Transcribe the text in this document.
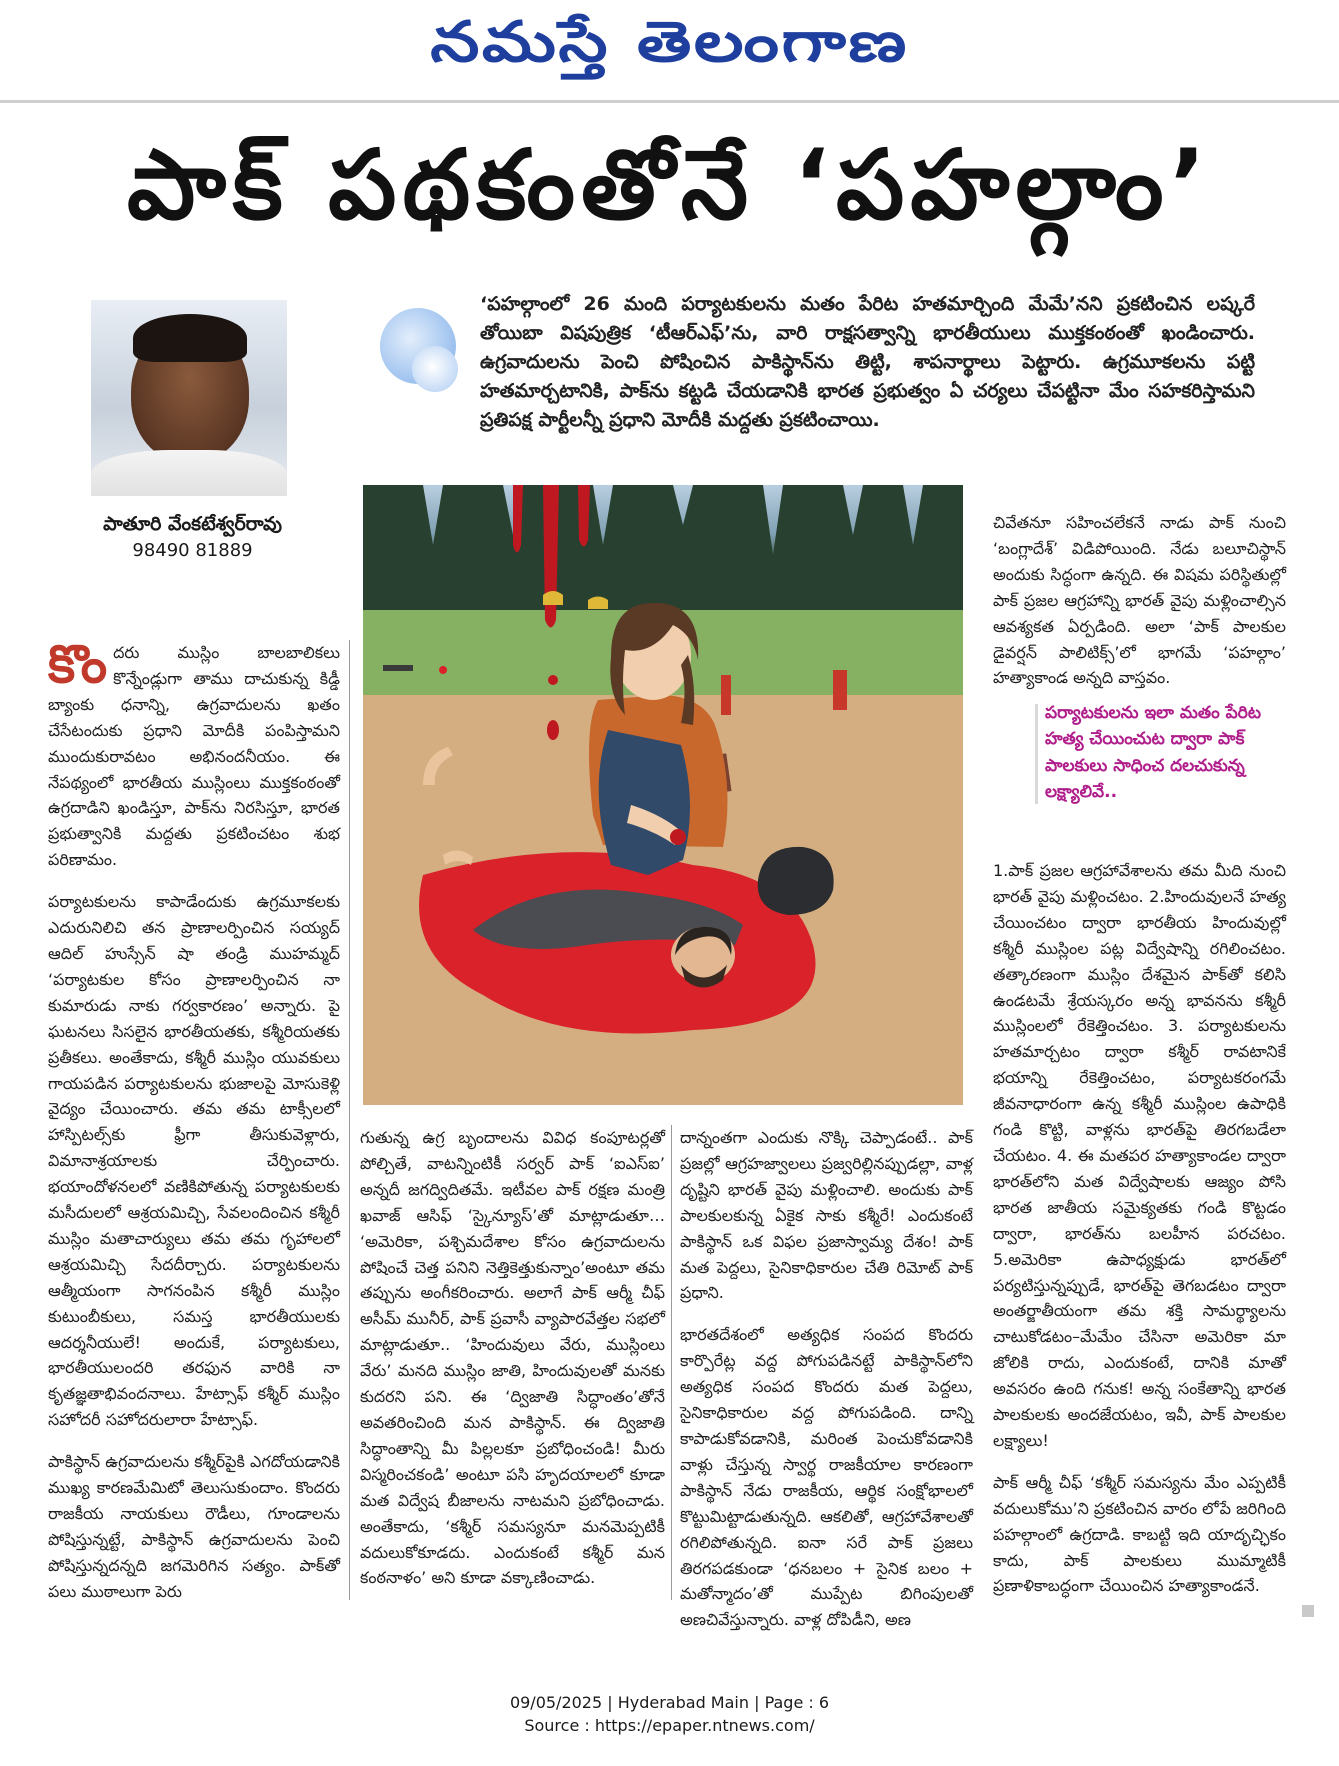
నమస్తే తెలంగాణ
పాక్ పథకంతోనే ‘పహల్గాం’
పాతూరి వేంకటేశ్వర్‌రావు
98490 81889
‘పహల్గాంలో 26 మంది పర్యాటకులను మతం పేరిట హతమార్చింది మేమే’నని ప్రకటించిన లష్కరే తోయిబా విషపుత్రిక ‘టీఆర్‌ఎఫ్’ను, వారి రాక్షసత్వాన్ని భారతీయులు ముక్తకంఠంతో ఖండించారు. ఉగ్రవాదులను పెంచి పోషించిన పాకిస్థాన్‌ను తిట్టి, శాపనార్థాలు పెట్టారు. ఉగ్రమూకలను పట్టి హతమార్చటానికి, పాక్‌ను కట్టడి చేయడానికి భారత ప్రభుత్వం ఏ చర్యలు చేపట్టినా మేం సహకరిస్తామని ప్రతిపక్ష పార్టీలన్నీ ప్రధాని మోదీకి మద్దతు ప్రకటించాయి.

కొందరు ముస్లిం బాలబాలికలు కొన్నేండ్లుగా తాము దాచుకున్న కిడ్డీ బ్యాంకు ధనాన్ని, ఉగ్రవాదులను ఖతం చేసేటందుకు ప్రధాని మోదీకి పంపిస్తామని ముందుకురావటం అభినందనీయం. ఈ నేపథ్యంలో భారతీయ ముస్లింలు ముక్తకంఠంతో ఉగ్రదాడిని ఖండిస్తూ, పాక్‌ను నిరసిస్తూ, భారత ప్రభుత్వానికి మద్దతు ప్రకటించటం శుభ పరిణామం.

పర్యాటకులను కాపాడేందుకు ఉగ్రమూకలకు ఎదురునిలిచి తన ప్రాణాలర్పించిన సయ్యద్ ఆదిల్ హుస్సేన్ షా తండ్రి ముహమ్మద్ ‘పర్యాటకుల కోసం ప్రాణాలర్పించిన నా కుమారుడు నాకు గర్వకారణం’ అన్నారు. పై ఘటనలు సిసలైన భారతీయతకు, కశ్మీరియతకు ప్రతీకలు. అంతేకాదు, కశ్మీరీ ముస్లిం యువకులు గాయపడిన పర్యాటకులను భుజాలపై మోసుకెళ్లి వైద్యం చేయించారు. తమ తమ టాక్సీలలో హాస్పిటల్స్‌కు ఫ్రీగా తీసుకువెళ్లారు, విమానాశ్రయాలకు చేర్పించారు. భయాందోళనలలో వణికిపోతున్న పర్యాటకులకు మసీదులలో ఆశ్రయమిచ్చి, సేవలందించిన కశ్మీరీ ముస్లిం మతాచార్యులు తమ తమ గృహాలలో ఆశ్రయమిచ్చి సేదదీర్చారు. పర్యాటకులను ఆత్మీయంగా సాగనంపిన కశ్మీరీ ముస్లిం కుటుంబీకులు, సమస్త భారతీయులకు ఆదర్శనీయులే! అందుకే, పర్యాటకులు, భారతీయులందరి తరఫున వారికి నా కృతజ్ఞతాభివందనాలు. హేట్సాఫ్ కశ్మీర్ ముస్లిం సహోదరీ సహోదరులారా హేట్సాఫ్.

పాకిస్థాన్ ఉగ్రవాదులను కశ్మీర్‌పైకి ఎగదోయడానికి ముఖ్య కారణమేమిటో తెలుసుకుందాం. కొందరు రాజకీయ నాయకులు రౌడీలు, గూండాలను పోషిస్తున్నట్టే, పాకిస్థాన్ ఉగ్రవాదులను పెంచి పోషిస్తున్నదన్నది జగమెరిగిన సత్యం. పాక్‌తో పలు ముఠాలుగా పెరు

గుతున్న ఉగ్ర బృందాలను వివిధ కంపూటర్లతో పోల్చితే, వాటన్నింటికీ సర్వర్ పాక్ ‘ఐఎస్ఐ’ అన్నదీ జగద్విదితమే. ఇటీవల పాక్ రక్షణ మంత్రి ఖవాజ్ ఆసిఫ్ ‘స్కైన్యూస్’తో మాట్లాడుతూ… ‘అమెరికా, పశ్చిమదేశాల కోసం ఉగ్రవాదులను పోషించే చెత్త పనిని నెత్తికెత్తుకున్నాం’అంటూ తమ తప్పును అంగీకరించారు. అలాగే పాక్ ఆర్మీ చీఫ్ అసీమ్ మునీర్, పాక్ ప్రవాసీ వ్యాపారవేత్తల సభలో మాట్లాడుతూ.. ‘హిందువులు వేరు, ముస్లింలు వేరు’ మనది ముస్లిం జాతి, హిందువులతో మనకు కుదరని పని. ఈ ‘ద్విజాతి సిద్ధాంతం’తోనే అవతరించింది మన పాకిస్థాన్. ఈ ద్విజాతి సిద్ధాంతాన్ని మీ పిల్లలకూ ప్రబోధించండి! మీరు విస్మరించకండి’ అంటూ పసి హృదయాలలో కూడా మత విద్వేష బీజాలను నాటమని ప్రబోధించాడు. అంతేకాదు, ‘కశ్మీర్ సమస్యనూ మనమెప్పటికీ వదులుకోకూడదు. ఎందుకంటే కశ్మీర్ మన కంఠనాళం’ అని కూడా వక్కాణించాడు.

దాన్నంతగా ఎందుకు నొక్కి చెప్పాడంటే.. పాక్ ప్రజల్లో ఆగ్రహజ్వాలలు ప్రజ్వరిల్లినప్పుడల్లా, వాళ్ల దృష్టిని భారత్ వైపు మళ్లించాలి. అందుకు పాక్ పాలకులకున్న ఏకైక సాకు కశ్మీరే! ఎందుకంటే పాకిస్థాన్ ఒక విఫల ప్రజాస్వామ్య దేశం! పాక్ మత పెద్దలు, సైనికాధికారుల చేతి రిమోట్ పాక్ ప్రధాని.

భారతదేశంలో అత్యధిక సంపద కొందరు కార్పొరేట్ల వద్ద పోగుపడినట్టే పాకిస్థాన్‌లోని అత్యధిక సంపద కొందరు మత పెద్దలు, సైనికాధికారుల వద్ద పోగుపడింది. దాన్ని కాపాడుకోవడానికి, మరింత పెంచుకోవడానికి వాళ్లు చేస్తున్న స్వార్థ రాజకీయాల కారణంగా పాకిస్థాన్ నేడు రాజకీయ, ఆర్థిక సంక్షోభాలలో కొట్టుమిట్టాడుతున్నది. ఆకలితో, ఆగ్రహావేశాలతో రగిలిపోతున్నది. ఐనా సరే పాక్ ప్రజలు తిరగపడకుండా ‘ధనబలం + సైనిక బలం + మతోన్మాదం’తో ముప్పేట బిగింపులతో అణచివేస్తున్నారు. వాళ్ల దోపిడీని, అణ

చివేతనూ సహించలేకనే నాడు పాక్ నుంచి ‘బంగ్లాదేశ్’ విడిపోయింది. నేడు బలూచిస్థాన్ అందుకు సిద్ధంగా ఉన్నది. ఈ విషమ పరిస్థితుల్లో పాక్ ప్రజల ఆగ్రహాన్ని భారత్ వైపు మళ్లించాల్సిన ఆవశ్యకత ఏర్పడింది. అలా ‘పాక్ పాలకుల డైవర్షన్ పాలిటిక్స్’లో భాగమే ‘పహల్గాం’ హత్యాకాండ అన్నది వాస్తవం.

పర్యాటకులను ఇలా మతం పేరిట హత్య చేయించుట ద్వారా పాక్ పాలకులు సాధించ దలచుకున్న లక్ష్యాలివే..

1.పాక్ ప్రజల ఆగ్రహావేశాలను తమ మీది నుంచి భారత్ వైపు మళ్లించటం. 2.హిందువులనే హత్య చేయించటం ద్వారా భారతీయ హిందువుల్లో కశ్మీరీ ముస్లింల పట్ల విద్వేషాన్ని రగిలించటం. తత్కారణంగా ముస్లిం దేశమైన పాక్‌తో కలిసి ఉండటమే శ్రేయస్కరం అన్న భావనను కశ్మీరీ ముస్లింలలో రేకెత్తించటం. 3. పర్యాటకులను హతమార్చటం ద్వారా కశ్మీర్ రావటానికే భయాన్ని రేకెత్తించటం, పర్యాటకరంగమే జీవనాధారంగా ఉన్న కశ్మీరీ ముస్లింల ఉపాధికి గండి కొట్టి, వాళ్లను భారత్‌పై తిరగబడేలా చేయటం. 4. ఈ మతపర హత్యాకాండల ద్వారా భారత్‌లోని మత విద్వేషాలకు ఆజ్యం పోసి భారత జాతీయ సమైక్యతకు గండి కొట్టడం ద్వారా, భారత్‌ను బలహీన పరచటం. 5.అమెరికా ఉపాధ్యక్షుడు భారత్‌లో పర్యటిస్తున్నప్పుడే, భారత్‌పై తెగబడటం ద్వారా అంతర్జాతీయంగా తమ శక్తి సామర్థ్యాలను చాటుకోడటం–మేమేం చేసినా అమెరికా మా జోలికి రాదు, ఎందుకంటే, దానికి మాతో అవసరం ఉంది గనుక! అన్న సంకేతాన్ని భారత పాలకులకు అందజేయటం, ఇవీ, పాక్ పాలకుల లక్ష్యాలు!

పాక్ ఆర్మీ చీఫ్ ‘కశ్మీర్ సమస్యను మేం ఎప్పటికీ వదులుకోము’ని ప్రకటించిన వారం లోపే జరిగింది పహల్గాంలో ఉగ్రదాడి. కాబట్టి ఇది యాదృచ్ఛికం కాదు, పాక్ పాలకులు ముమ్మాటికీ ప్రణాళికాబద్ధంగా చేయించిన హత్యాకాండనే.

09/05/2025 | Hyderabad Main | Page : 6
Source : https://epaper.ntnews.com/
